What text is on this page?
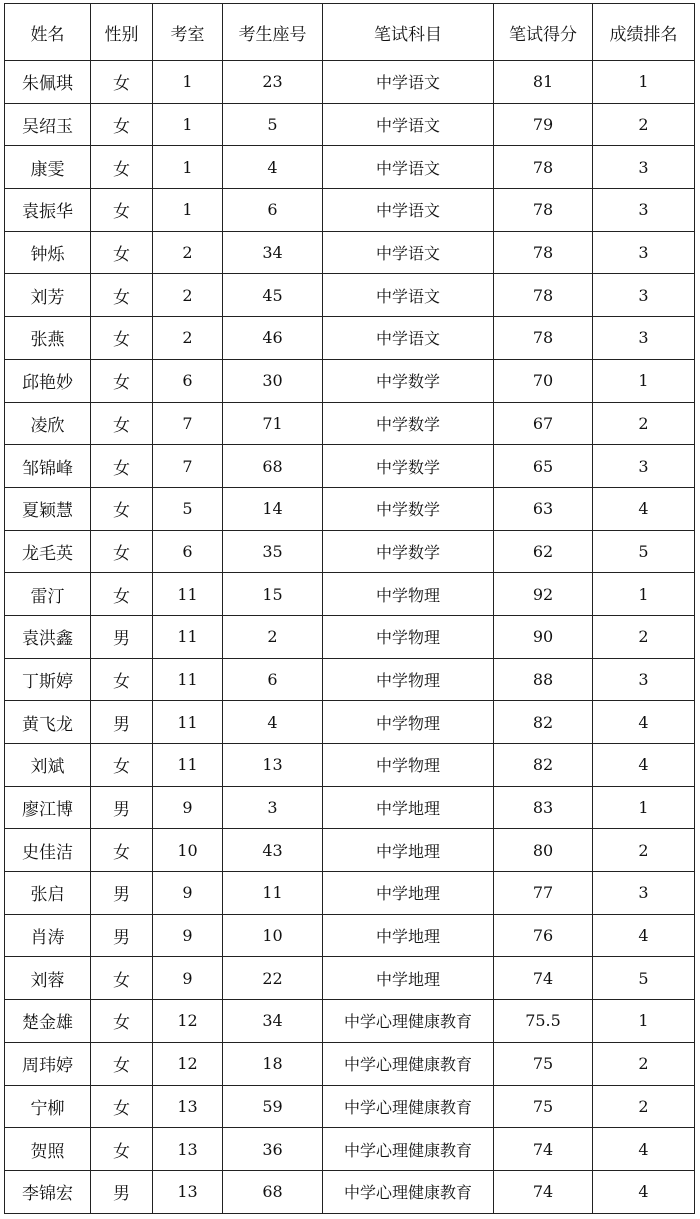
姓名	性别	考室	考生座号	笔试科目	笔试得分	成绩排名
朱佩琪	女	1	23	中学语文	81	1
吴绍玉	女	1	5	中学语文	79	2
康雯	女	1	4	中学语文	78	3
袁振华	女	1	6	中学语文	78	3
钟烁	女	2	34	中学语文	78	3
刘芳	女	2	45	中学语文	78	3
张燕	女	2	46	中学语文	78	3
邱艳妙	女	6	30	中学数学	70	1
凌欣	女	7	71	中学数学	67	2
邹锦峰	女	7	68	中学数学	65	3
夏颖慧	女	5	14	中学数学	63	4
龙毛英	女	6	35	中学数学	62	5
雷汀	女	11	15	中学物理	92	1
袁洪鑫	男	11	2	中学物理	90	2
丁斯婷	女	11	6	中学物理	88	3
黄飞龙	男	11	4	中学物理	82	4
刘斌	女	11	13	中学物理	82	4
廖江博	男	9	3	中学地理	83	1
史佳洁	女	10	43	中学地理	80	2
张启	男	9	11	中学地理	77	3
肖涛	男	9	10	中学地理	76	4
刘蓉	女	9	22	中学地理	74	5
楚金雄	女	12	34	中学心理健康教育	75.5	1
周玮婷	女	12	18	中学心理健康教育	75	2
宁柳	女	13	59	中学心理健康教育	75	2
贺照	女	13	36	中学心理健康教育	74	4
李锦宏	男	13	68	中学心理健康教育	74	4
